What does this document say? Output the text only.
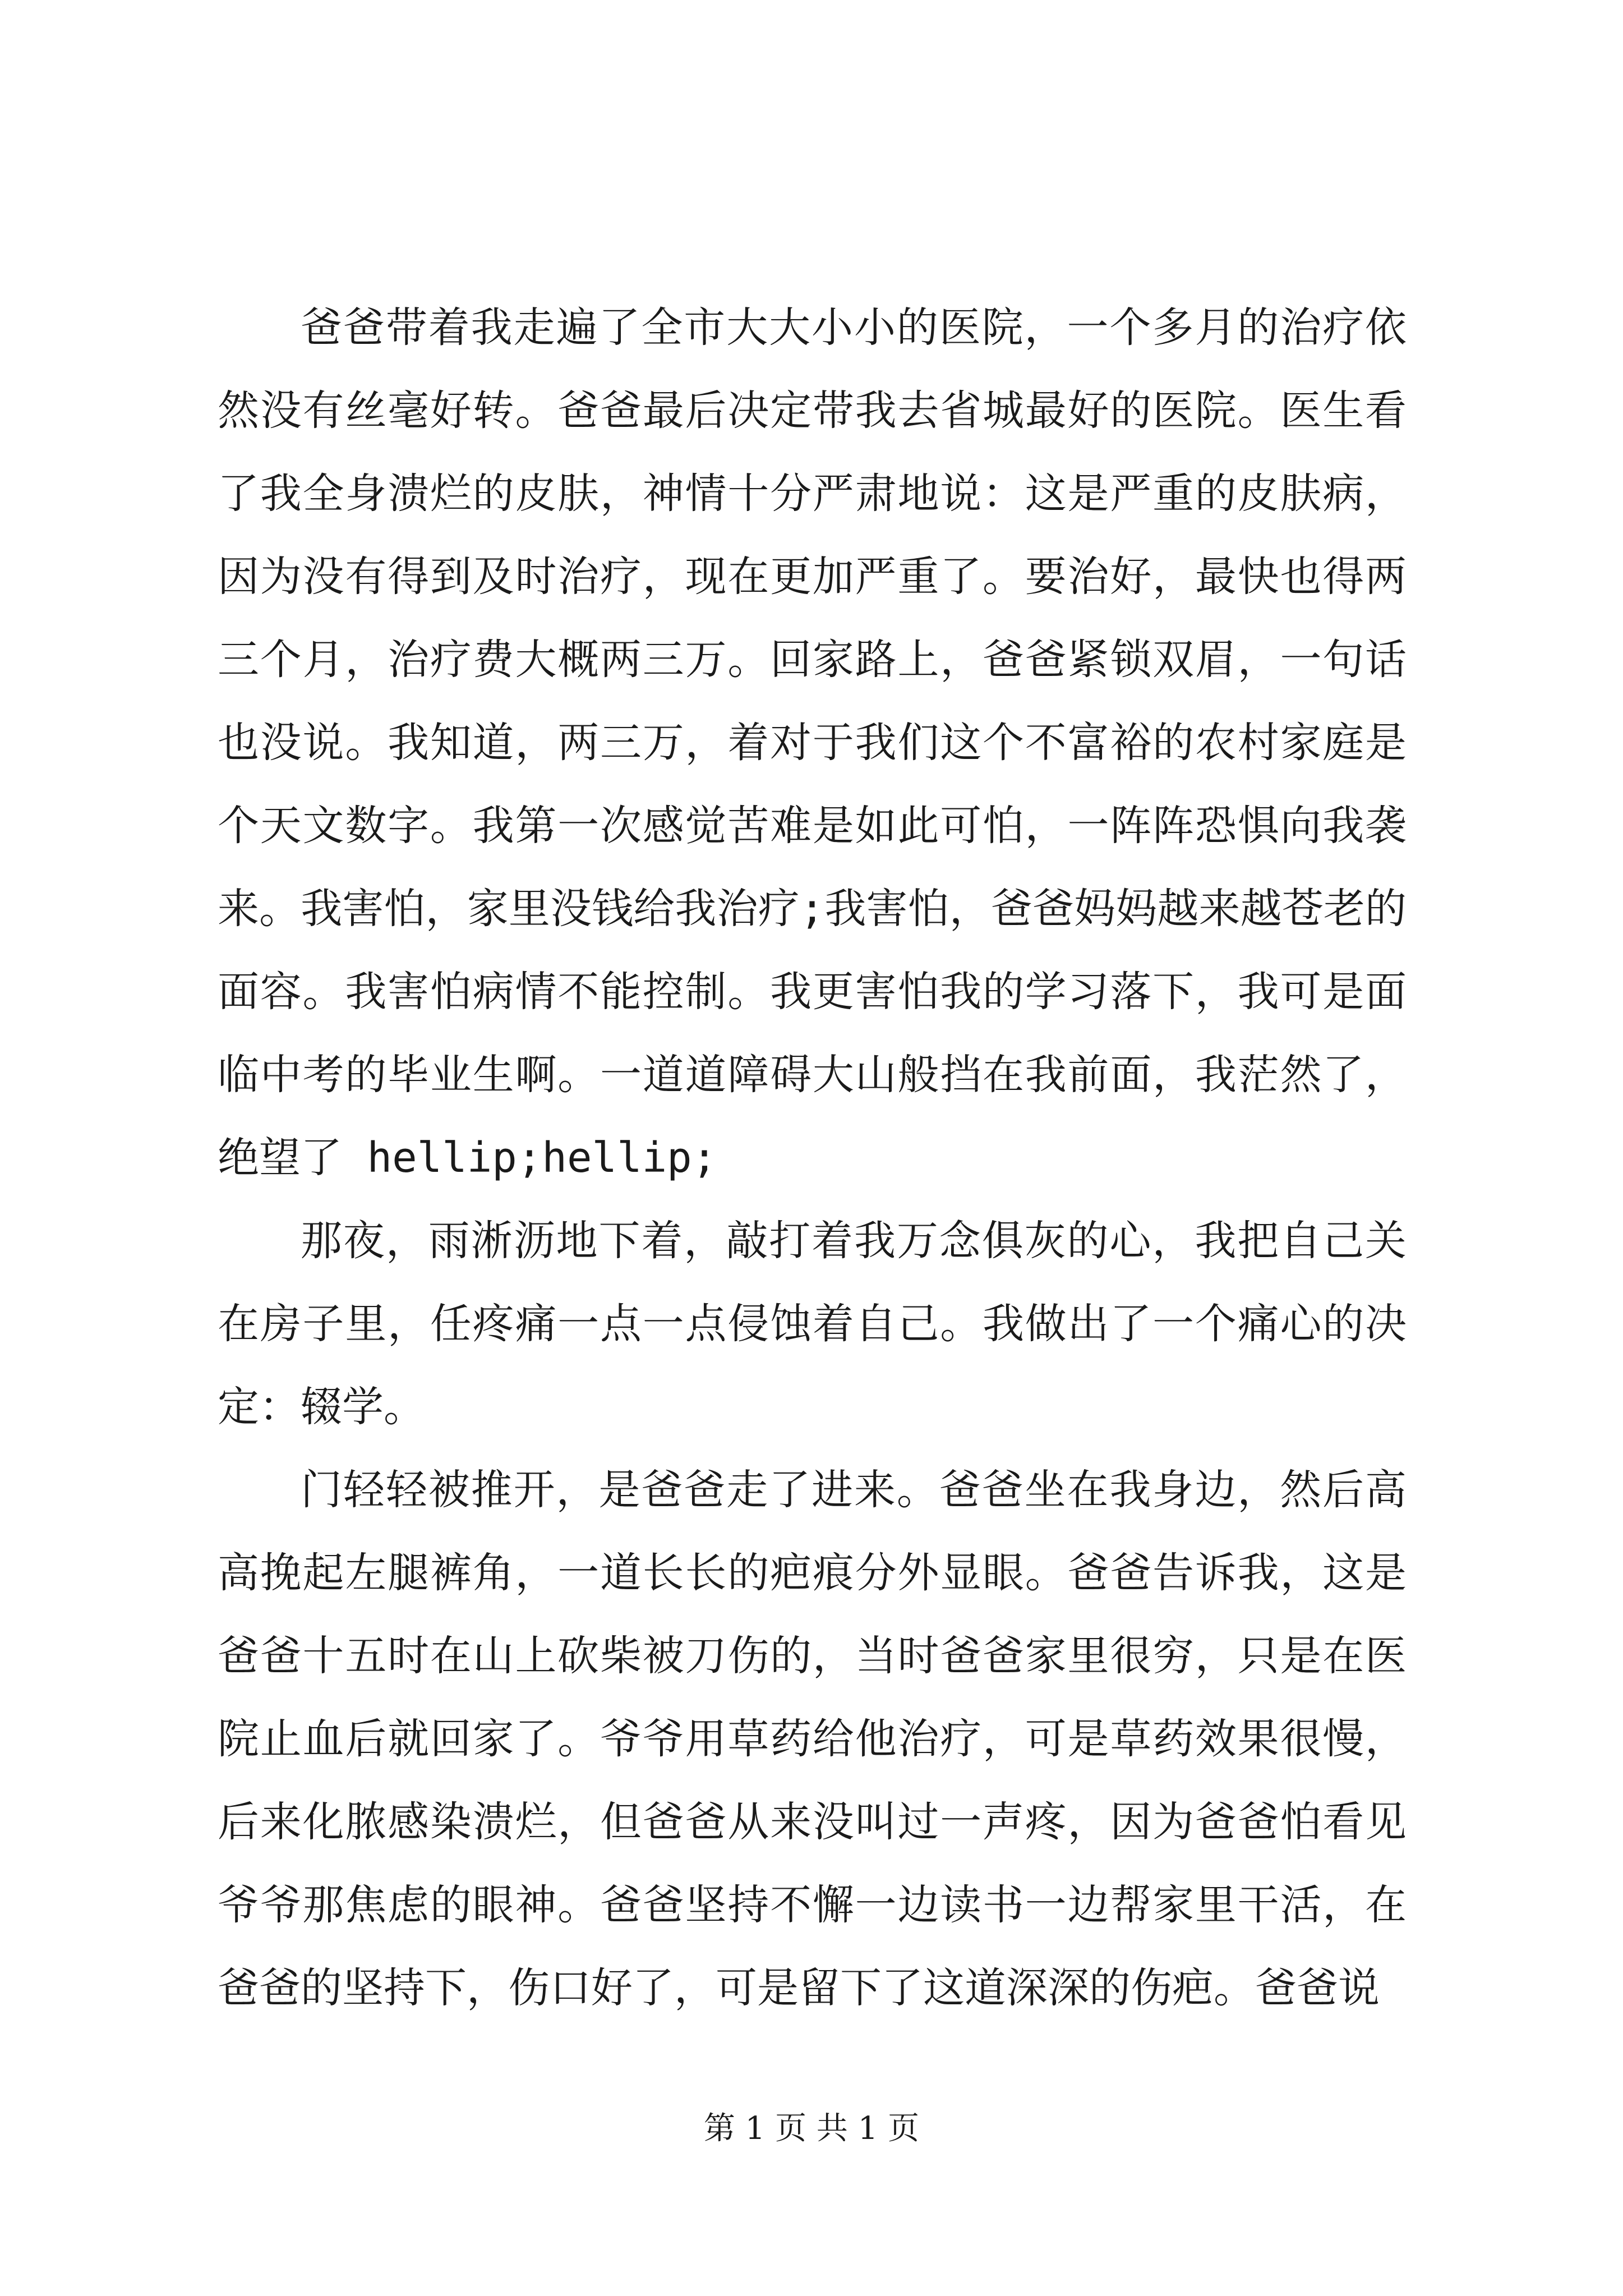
爸爸带着我走遍了全市大大小小的医院，一个多月的治疗依然没有丝毫好转。爸爸最后决定带我去省城最好的医院。医生看了我全身溃烂的皮肤，神情十分严肃地说：这是严重的皮肤病，因为没有得到及时治疗，现在更加严重了。要治好，最快也得两三个月，治疗费大概两三万。回家路上，爸爸紧锁双眉，一句话也没说。我知道，两三万，着对于我们这个不富裕的农村家庭是个天文数字。我第一次感觉苦难是如此可怕，一阵阵恐惧向我袭来。我害怕，家里没钱给我治疗;我害怕，爸爸妈妈越来越苍老的面容。我害怕病情不能控制。我更害怕我的学习落下，我可是面临中考的毕业生啊。一道道障碍大山般挡在我前面，我茫然了，绝望了 hellip;hellip;

那夜，雨淅沥地下着，敲打着我万念俱灰的心，我把自己关在房子里，任疼痛一点一点侵蚀着自己。我做出了一个痛心的决定：辍学。

门轻轻被推开，是爸爸走了进来。爸爸坐在我身边，然后高高挽起左腿裤角，一道长长的疤痕分外显眼。爸爸告诉我，这是爸爸十五时在山上砍柴被刀伤的，当时爸爸家里很穷，只是在医院止血后就回家了。爷爷用草药给他治疗，可是草药效果很慢，后来化脓感染溃烂，但爸爸从来没叫过一声疼，因为爸爸怕看见爷爷那焦虑的眼神。爸爸坚持不懈一边读书一边帮家里干活，在爸爸的坚持下，伤口好了，可是留下了这道深深的伤疤。爸爸说

第 1 页 共 1 页
